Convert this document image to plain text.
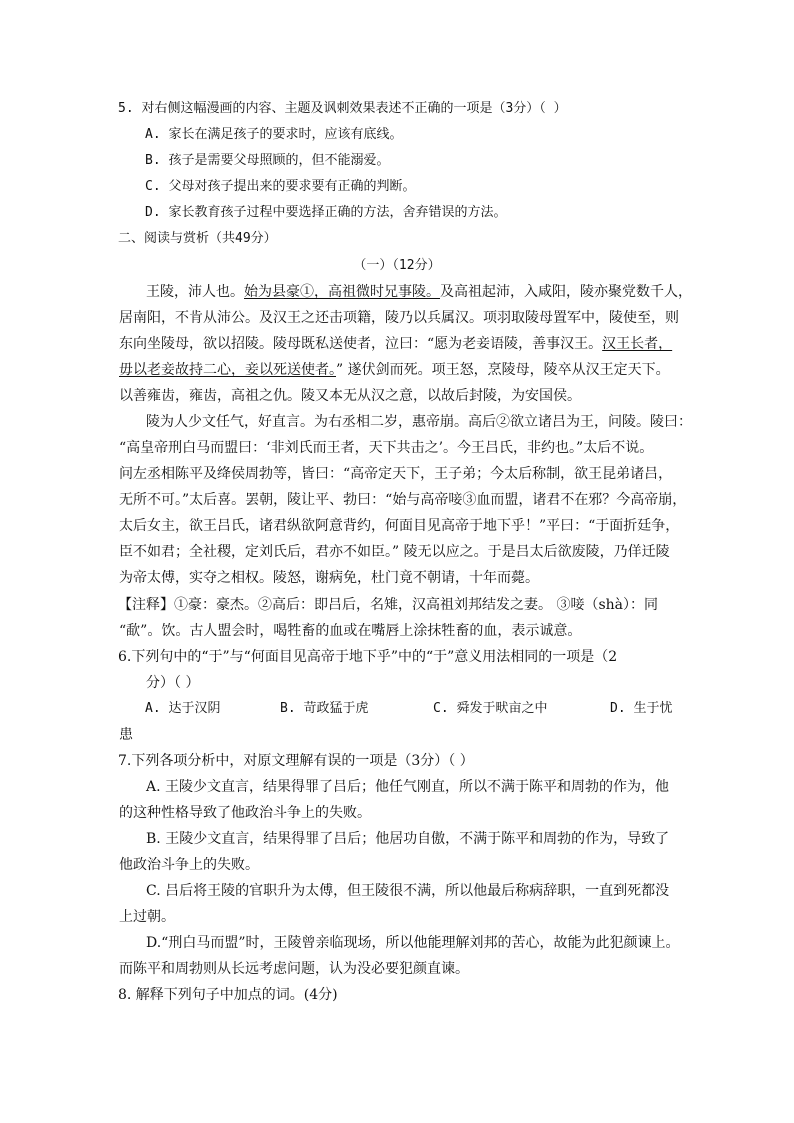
5. 对右侧这幅漫画的内容、主题及讽刺效果表述不正确的一项是（3分）（ ）
A. 家长在满足孩子的要求时，应该有底线。
B. 孩子是需要父母照顾的，但不能溺爱。
C. 父母对孩子提出来的要求要有正确的判断。
D. 家长教育孩子过程中要选择正确的方法，舍弃错误的方法。
二、阅读与赏析（共49分）
（一）（12分）
王陵，沛人也。始为县豪①，高祖微时兄事陵。及高祖起沛，入咸阳，陵亦聚党数千人，
居南阳，不肯从沛公。及汉王之还击项籍，陵乃以兵属汉。项羽取陵母置军中，陵使至，则
东向坐陵母，欲以招陵。陵母既私送使者，泣曰：“愿为老妾语陵，善事汉王。汉王长者，
毋以老妾故持二心，妾以死送使者。” 遂伏剑而死。项王怒，烹陵母，陵卒从汉王定天下。
以善雍齿，雍齿，高祖之仇。陵又本无从汉之意，以故后封陵，为安国侯。
陵为人少文任气，好直言。为右丞相二岁，惠帝崩。高后②欲立诸吕为王，问陵。陵曰：
“高皇帝刑白马而盟曰：‘非刘氏而王者，天下共击之’。今王吕氏，非约也。”太后不说。
问左丞相陈平及绛侯周勃等，皆曰：“高帝定天下，王子弟；今太后称制，欲王昆弟诸吕，
无所不可。”太后喜。罢朝，陵让平、勃曰：“始与高帝唼③血而盟，诸君不在邪？今高帝崩，
太后女主，欲王吕氏，诸君纵欲阿意背约，何面目见高帝于地下乎！”平曰：“于面折廷争，
臣不如君；全社稷，定刘氏后，君亦不如臣。” 陵无以应之。于是吕太后欲废陵，乃佯迁陵
为帝太傅，实夺之相权。陵怒，谢病免，杜门竟不朝请，十年而薨。
【注释】①豪：豪杰。②高后：即吕后，名雉，汉高祖刘邦结发之妻。 ③唼（shà）：同
“歃”。饮。古人盟会时，喝牲畜的血或在嘴唇上涂抹牲畜的血，表示诚意。
6.下列句中的“于”与“何面目见高帝于地下乎”中的“于”意义用法相同的一项是（2
分）（ ）
A. 达于汉阴	B. 苛政猛于虎	C. 舜发于畎亩之中	D. 生于忧
患
7.下列各项分析中，对原文理解有误的一项是（3分）（ ）
A. 王陵少文直言，结果得罪了吕后；他任气刚直，所以不满于陈平和周勃的作为，他
的这种性格导致了他政治斗争上的失败。
B. 王陵少文直言，结果得罪了吕后；他居功自傲，不满于陈平和周勃的作为，导致了
他政治斗争上的失败。
C. 吕后将王陵的官职升为太傅，但王陵很不满，所以他最后称病辞职，一直到死都没
上过朝。
D.“刑白马而盟”时，王陵曾亲临现场，所以他能理解刘邦的苦心，故能为此犯颜谏上。
而陈平和周勃则从长远考虑问题，认为没必要犯颜直谏。
8. 解释下列句子中加点的词。(4分)
